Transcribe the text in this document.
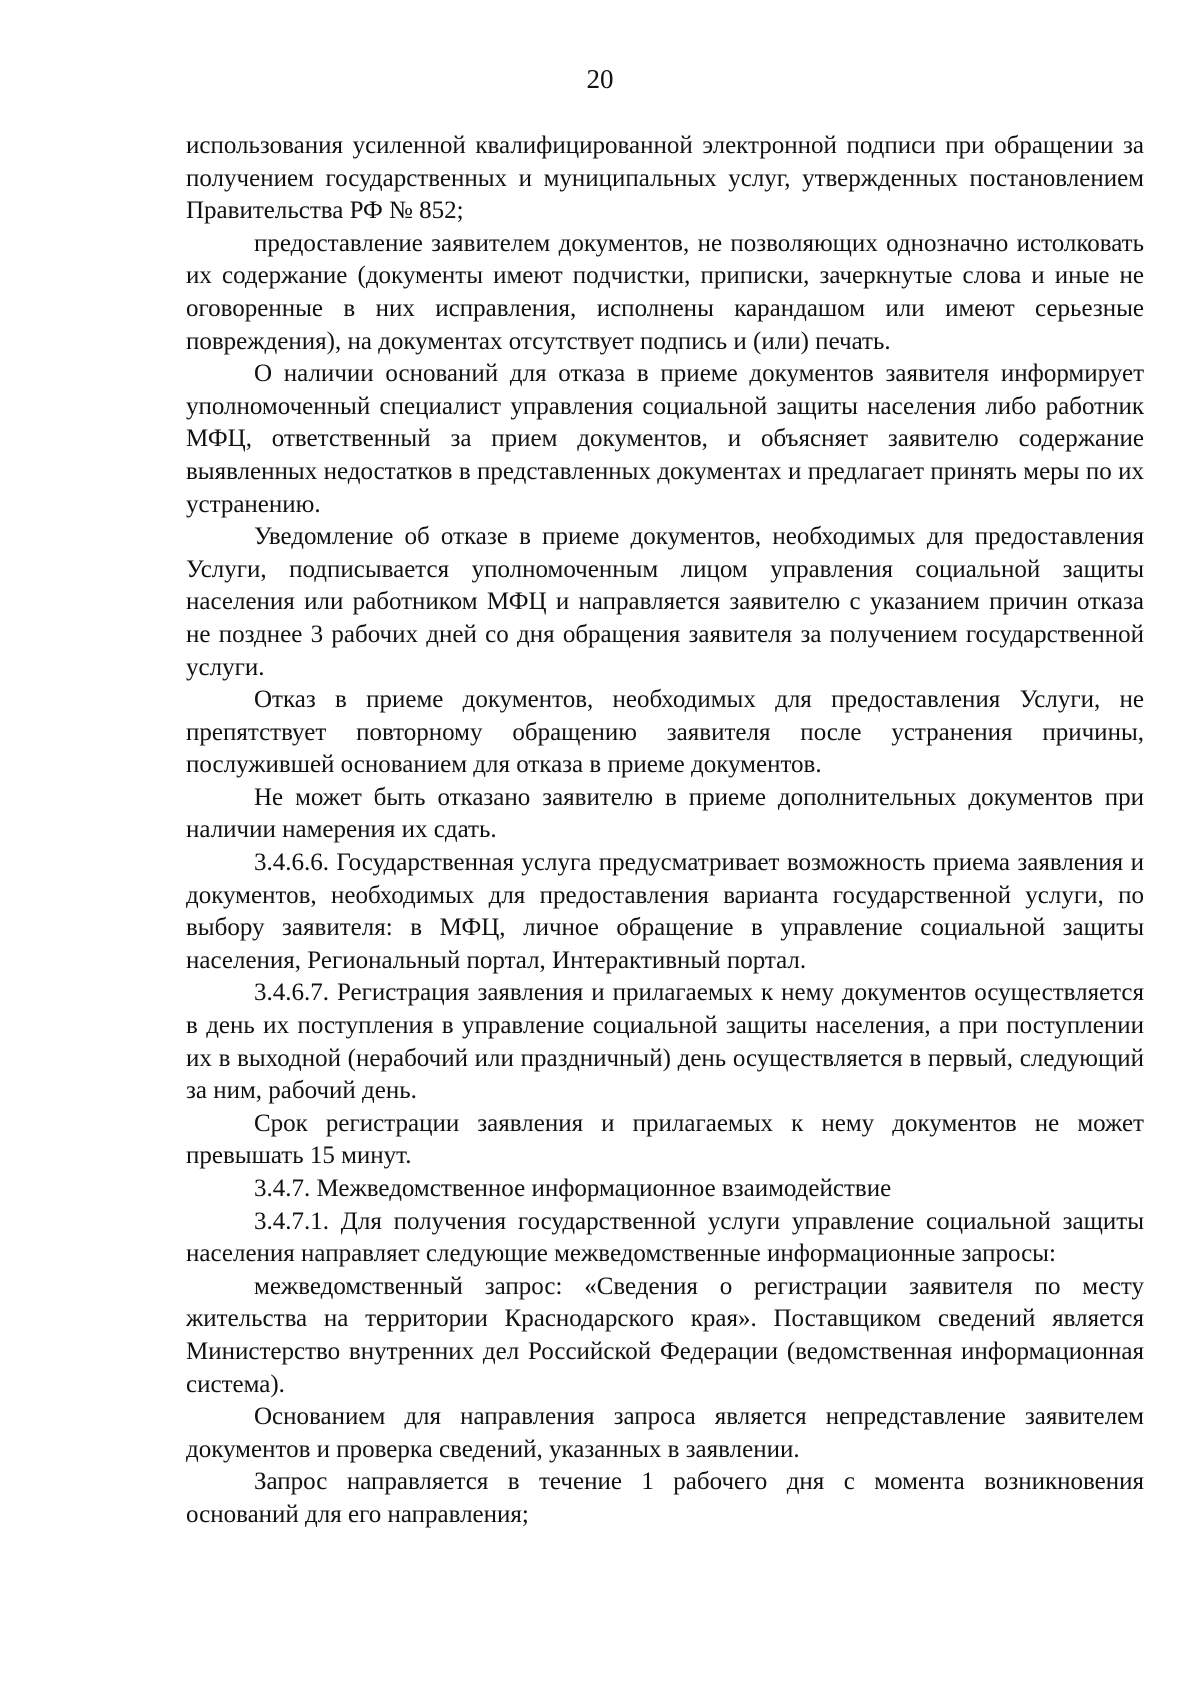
20

использования усиленной квалифицированной электронной подписи при обращении за получением государственных и муниципальных услуг, утвержденных постановлением Правительства РФ № 852;

предоставление заявителем документов, не позволяющих однозначно истолковать их содержание (документы имеют подчистки, приписки, зачеркнутые слова и иные не оговоренные в них исправления, исполнены карандашом или имеют серьезные повреждения), на документах отсутствует подпись и (или) печать.

О наличии оснований для отказа в приеме документов заявителя информирует уполномоченный специалист управления социальной защиты населения либо работник МФЦ, ответственный за прием документов, и объясняет заявителю содержание выявленных недостатков в представленных документах и предлагает принять меры по их устранению.

Уведомление об отказе в приеме документов, необходимых для предоставления Услуги, подписывается уполномоченным лицом управления социальной защиты населения или работником МФЦ и направляется заявителю с указанием причин отказа не позднее 3 рабочих дней со дня обращения заявителя за получением государственной услуги.

Отказ в приеме документов, необходимых для предоставления Услуги, не препятствует повторному обращению заявителя после устранения причины, послужившей основанием для отказа в приеме документов.

Не может быть отказано заявителю в приеме дополнительных документов при наличии намерения их сдать.

3.4.6.6. Государственная услуга предусматривает возможность приема заявления и документов, необходимых для предоставления варианта государственной услуги, по выбору заявителя: в МФЦ, личное обращение в управление социальной защиты населения, Региональный портал, Интерактивный портал.

3.4.6.7. Регистрация заявления и прилагаемых к нему документов осуществляется в день их поступления в управление социальной защиты населения, а при поступлении их в выходной (нерабочий или праздничный) день осуществляется в первый, следующий за ним, рабочий день.

Срок регистрации заявления и прилагаемых к нему документов не может превышать 15 минут.

3.4.7. Межведомственное информационное взаимодействие

3.4.7.1. Для получения государственной услуги управление социальной защиты населения направляет следующие межведомственные информационные запросы:

межведомственный запрос: «Сведения о регистрации заявителя по месту жительства на территории Краснодарского края». Поставщиком сведений является Министерство внутренних дел Российской Федерации (ведомственная информационная система).

Основанием для направления запроса является непредставление заявителем документов и проверка сведений, указанных в заявлении.

Запрос направляется в течение 1 рабочего дня с момента возникновения оснований для его направления;
